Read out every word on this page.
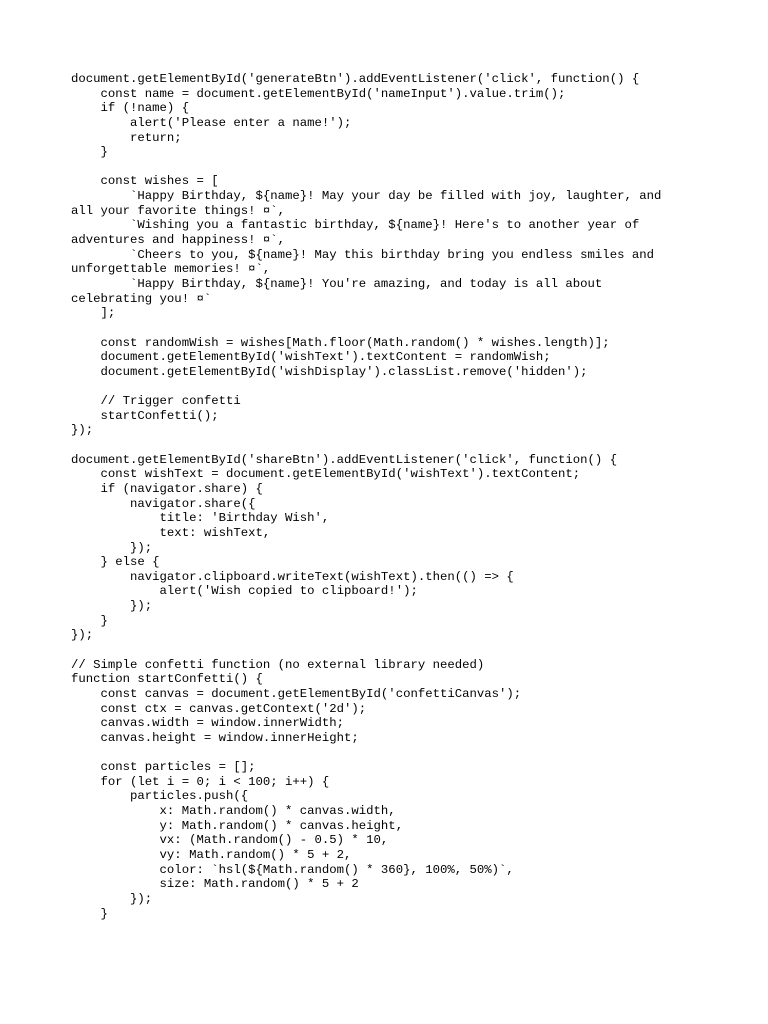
document.getElementById('generateBtn').addEventListener('click', function() {
const name = document.getElementById('nameInput').value.trim();
if (!name) {
alert('Please enter a name!');
return;
}
const wishes = [
`Happy Birthday, ${name}! May your day be filled with joy, laughter, and
all your favorite things! ¤`,
`Wishing you a fantastic birthday, ${name}! Here's to another year of
adventures and happiness! ¤`,
`Cheers to you, ${name}! May this birthday bring you endless smiles and
unforgettable memories! ¤`,
`Happy Birthday, ${name}! You're amazing, and today is all about
celebrating you! ¤`
];
const randomWish = wishes[Math.floor(Math.random() * wishes.length)];
document.getElementById('wishText').textContent = randomWish;
document.getElementById('wishDisplay').classList.remove('hidden');
// Trigger confetti
startConfetti();
});
document.getElementById('shareBtn').addEventListener('click', function() {
const wishText = document.getElementById('wishText').textContent;
if (navigator.share) {
navigator.share({
title: 'Birthday Wish',
text: wishText,
});
} else {
navigator.clipboard.writeText(wishText).then(() => {
alert('Wish copied to clipboard!');
});
}
});
// Simple confetti function (no external library needed)
function startConfetti() {
const canvas = document.getElementById('confettiCanvas');
const ctx = canvas.getContext('2d');
canvas.width = window.innerWidth;
canvas.height = window.innerHeight;
const particles = [];
for (let i = 0; i < 100; i++) {
particles.push({
x: Math.random() * canvas.width,
y: Math.random() * canvas.height,
vx: (Math.random() - 0.5) * 10,
vy: Math.random() * 5 + 2,
color: `hsl(${Math.random() * 360}, 100%, 50%)`,
size: Math.random() * 5 + 2
});
}
